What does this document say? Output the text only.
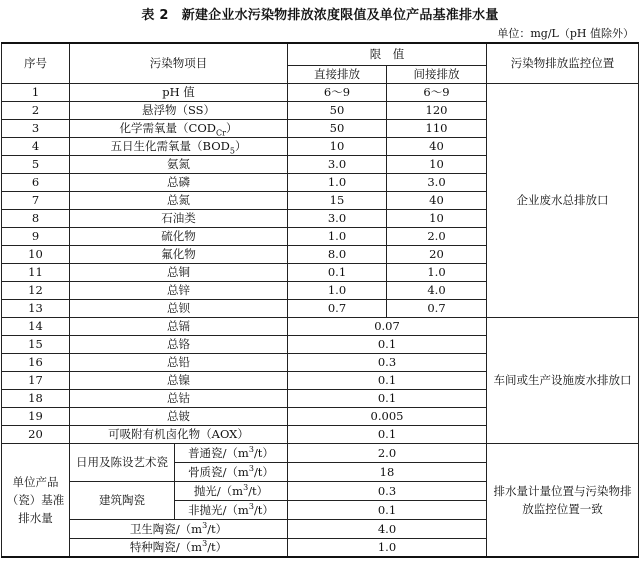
表 2　新建企业水污染物排放浓度限值及单位产品基准排水量
单位：mg/L（pH 值除外）
序号	污染物项目		限　值		污染物排放监控位置
			直接排放	间接排放	
1	pH 值		6～9	6～9	企业废水总排放口
2	悬浮物（SS）		50	120	
3	化学需氧量$(COD_{Cr})$		50	110	
4	五日生化需氧量$(BOD_5)$		10	40	
5	氨氮		3.0	10	
6	总磷		1.0	3.0	
7	总氮		15	40	
8	石油类		3.0	10	
9	硫化物		1.0	2.0	
10	氟化物		8.0	20	
11	总铜		0.1	1.0	
12	总锌		1.0	4.0	
13	总钡		0.7	0.7	
14	总镉		0.07		车间或生产设施废水排放口
15	总铬		0.1		
16	总铅		0.3		
17	总镍		0.1		
18	总钴		0.1		
19	总铍		0.005		
20	可吸附有机卤化物（AOX）		0.1		
单位产品（瓷）基准排水量	日用及陈设艺术瓷	普通瓷$/(m^3/t)$	2.0		排水量计量位置与污染物排放监控位置一致
		骨质瓷$/(m^3/t)$	18		
	建筑陶瓷	抛光$/(m^3/t)$	0.3		
		非抛光$/(m^3/t)$	0.1		
	卫生陶瓷$/(m^3/t)$		4.0		
	特种陶瓷$/(m^3/t)$		1.0		
